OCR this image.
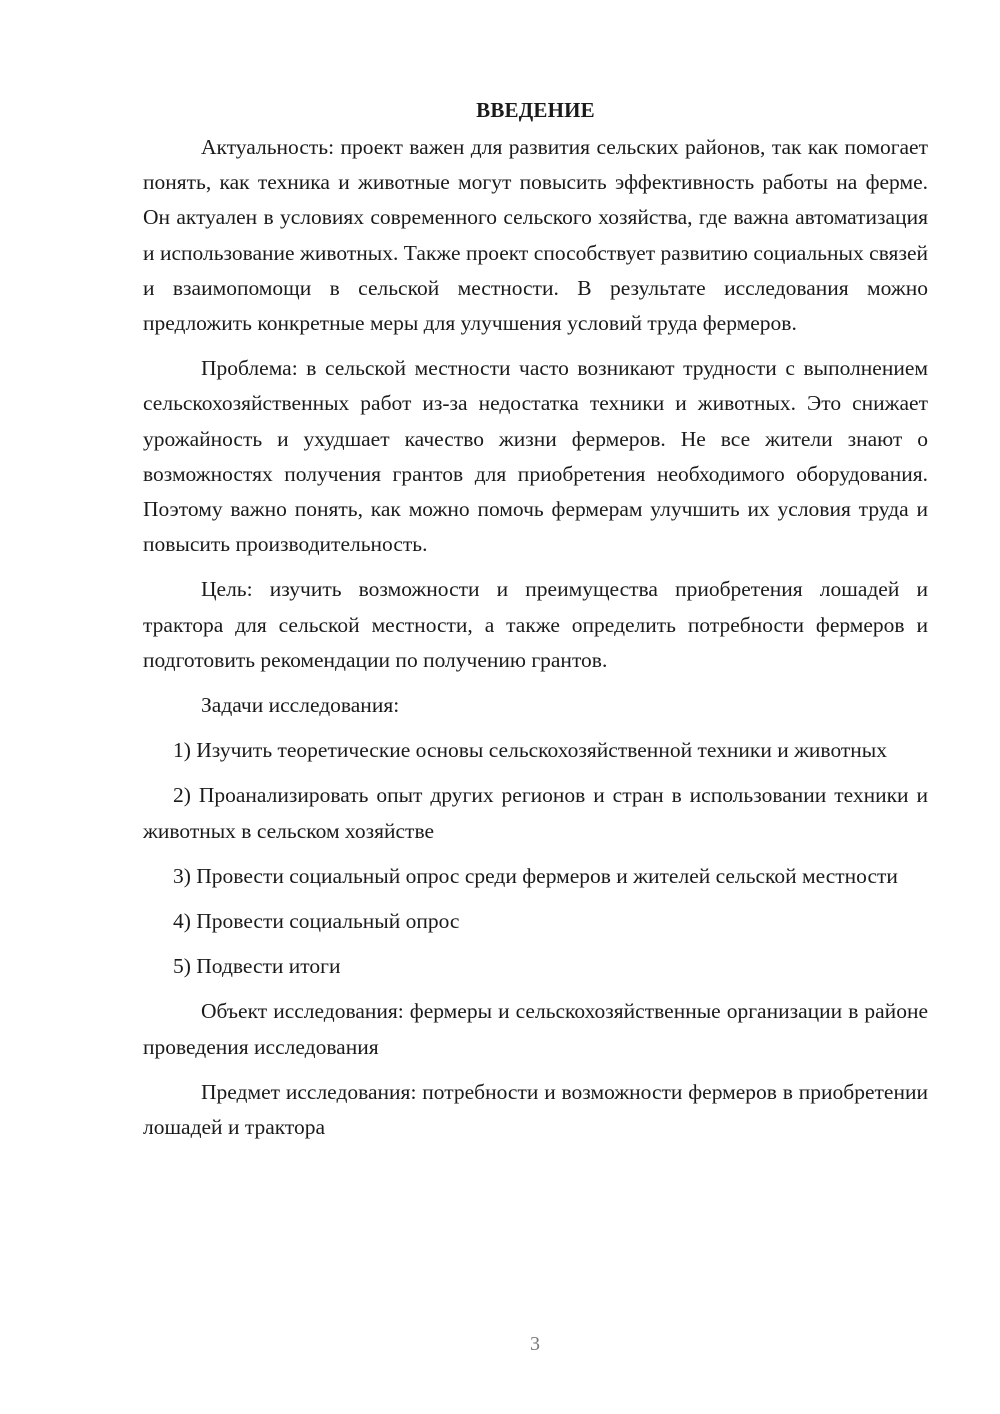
ВВЕДЕНИЕ

Актуальность: проект важен для развития сельских районов, так как помогает понять, как техника и животные могут повысить эффективность работы на ферме. Он актуален в условиях современного сельского хозяйства, где важна автоматизация и использование животных. Также проект способствует развитию социальных связей и взаимопомощи в сельской местности. В результате исследования можно предложить конкретные меры для улучшения условий труда фермеров.

Проблема: в сельской местности часто возникают трудности с выполнением сельскохозяйственных работ из-за недостатка техники и животных. Это снижает урожайность и ухудшает качество жизни фермеров. Не все жители знают о возможностях получения грантов для приобретения необходимого оборудования. Поэтому важно понять, как можно помочь фермерам улучшить их условия труда и повысить производительность.

Цель: изучить возможности и преимущества приобретения лошадей и трактора для сельской местности, а также определить потребности фермеров и подготовить рекомендации по получению грантов.

Задачи исследования:

1) Изучить теоретические основы сельскохозяйственной техники и животных

2) Проанализировать опыт других регионов и стран в использовании техники и животных в сельском хозяйстве

3) Провести социальный опрос среди фермеров и жителей сельской местности

4) Провести социальный опрос

5) Подвести итоги

Объект исследования: фермеры и сельскохозяйственные организации в районе проведения исследования

Предмет исследования: потребности и возможности фермеров в приобретении лошадей и трактора

3
